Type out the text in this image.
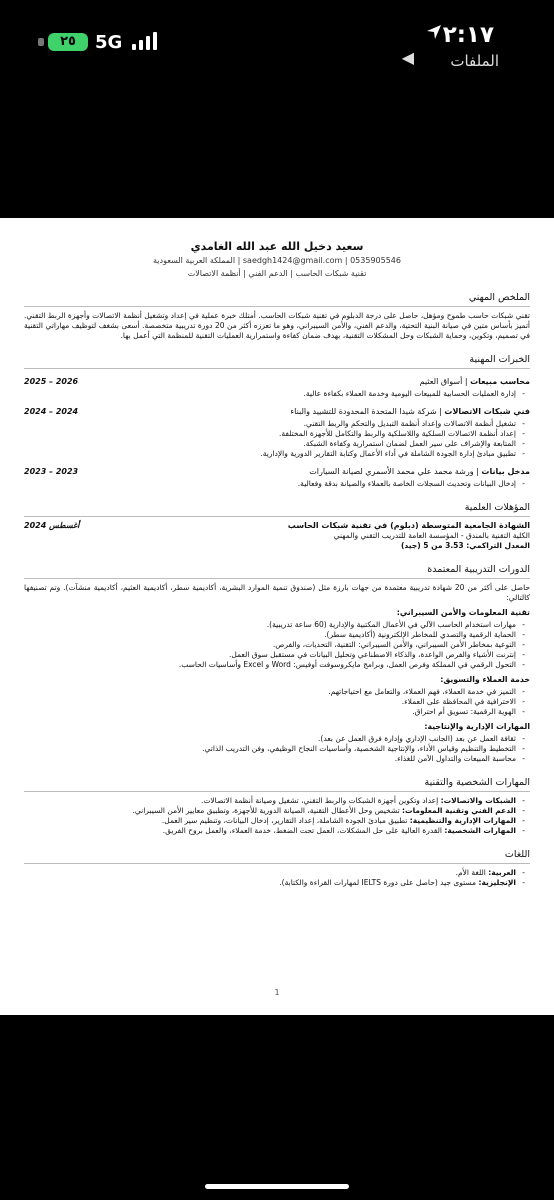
٢٥	5G	٢:١٧
◀ الملفات
سعيد دخيل الله عبد الله الغامدي
saedgh1424@gmail.com | 0535905546 | المملكة العربية السعودية
تقنية شبكات الحاسب | الدعم الفني | أنظمة الاتصالات
الملخص المهني
تقني شبكات حاسب طموح ومؤهل، حاصل على درجة الدبلوم في تقنية شبكات الحاسب. أمتلك خبرة عملية في إعداد وتشغيل أنظمة الاتصالات وأجهزة الربط التقني. أتميز بأساس متين في صيانة البنية التحتية، والدعم الفني، والأمن السيبراني، وهو ما تعززه أكثر من 20 دورة تدريبية متخصصة. أسعى بشغف لتوظيف مهاراتي التقنية في تصميم، وتكوين، وحماية الشبكات وحل المشكلات التقنية، بهدف ضمان كفاءة واستمرارية العمليات التقنية للمنظمة التي أعمل بها.
الخبرات المهنية
محاسب مبيعات | أسواق العثيم
2025 – 2026
- إدارة العمليات الحسابية للمبيعات اليومية وخدمة العملاء بكفاءة عالية.
فني شبكات الاتصالات | شركة شيدا المتحدة المحدودة للتشييد والبناء
2024 – 2024
- تشغيل أنظمة الاتصالات وإعداد أنظمة التبديل والتحكم والربط التقني.
- إعداد أنظمة الاتصالات السلكية واللاسلكية والربط والتكامل للأجهزة المختلفة.
- المتابعة والإشراف على سير العمل لضمان استمرارية وكفاءة الشبكة.
- تطبيق مبادئ إدارة الجودة الشاملة في أداء الأعمال وكتابة التقارير الدورية والإدارية.
مدخل بيانات | ورشة محمد علي محمد الأسمري لصيانة السيارات
2023 – 2023
- إدخال البيانات وتحديث السجلات الخاصة بالعملاء والصيانة بدقة وفعالية.
المؤهلات العلمية
الشهادة الجامعية المتوسطة (دبلوم) في تقنية شبكات الحاسب
أغسطس 2024
الكلية التقنية بالمندق - المؤسسة العامة للتدريب التقني والمهني
المعدل التراكمي: 3.53 من 5 (جيد)
الدورات التدريبية المعتمدة
حاصل على أكثر من 20 شهادة تدريبية معتمدة من جهات بارزة مثل (صندوق تنمية الموارد البشرية، أكاديمية سطر، أكاديمية العثيم، أكاديمية منشآت). وتم تصنيفها كالتالي:
تقنية المعلومات والأمن السيبراني:
- مهارات استخدام الحاسب الآلي في الأعمال المكتبية والإدارية (60 ساعة تدريبية).
- الحماية الرقمية والتصدي للمخاطر الإلكترونية (أكاديمية سطر).
- التوعية بمخاطر الأمن السيبراني، والأمن السيبراني: التقنية، التحديات، والفرص.
- إنترنت الأشياء والفرص الواعدة، والذكاء الاصطناعي وتحليل البيانات في مستقبل سوق العمل.
- التحول الرقمي في المملكة وفرص العمل، وبرامج مايكروسوفت أوفيس: Word و Excel وأساسيات الحاسب.
خدمة العملاء والتسويق:
- التميز في خدمة العملاء، فهم العملاء، والتعامل مع احتياجاتهم.
- الاحترافية في المحافظة على العملاء.
- الهوية الرقمية: تسويق أم احتراق.
المهارات الإدارية والإنتاجية:
- ثقافة العمل عن بعد (الجانب الإداري وإدارة فرق العمل عن بعد).
- التخطيط والتنظيم وقياس الأداء، والإنتاجية الشخصية، وأساسيات النجاح الوظيفي، وفن التدريب الذاتي.
- محاسبة المبيعات والتداول الآمن للغذاء.
المهارات الشخصية والتقنية
- الشبكات والاتصالات: إعداد وتكوين أجهزة الشبكات والربط التقني، تشغيل وصيانة أنظمة الاتصالات.
- الدعم الفني وتقنية المعلومات: تشخيص وحل الأعطال التقنية، الصيانة الدورية للأجهزة، وتطبيق معايير الأمن السيبراني.
- المهارات الإدارية والتنظيمية: تطبيق مبادئ الجودة الشاملة، إعداد التقارير، إدخال البيانات، وتنظيم سير العمل.
- المهارات الشخصية: القدرة العالية على حل المشكلات، العمل تحت الضغط، خدمة العملاء، والعمل بروح الفريق.
اللغات
- العربية: اللغة الأم.
- الإنجليزية: مستوى جيد (حاصل على دورة IELTS لمهارات القراءة والكتابة).
1
